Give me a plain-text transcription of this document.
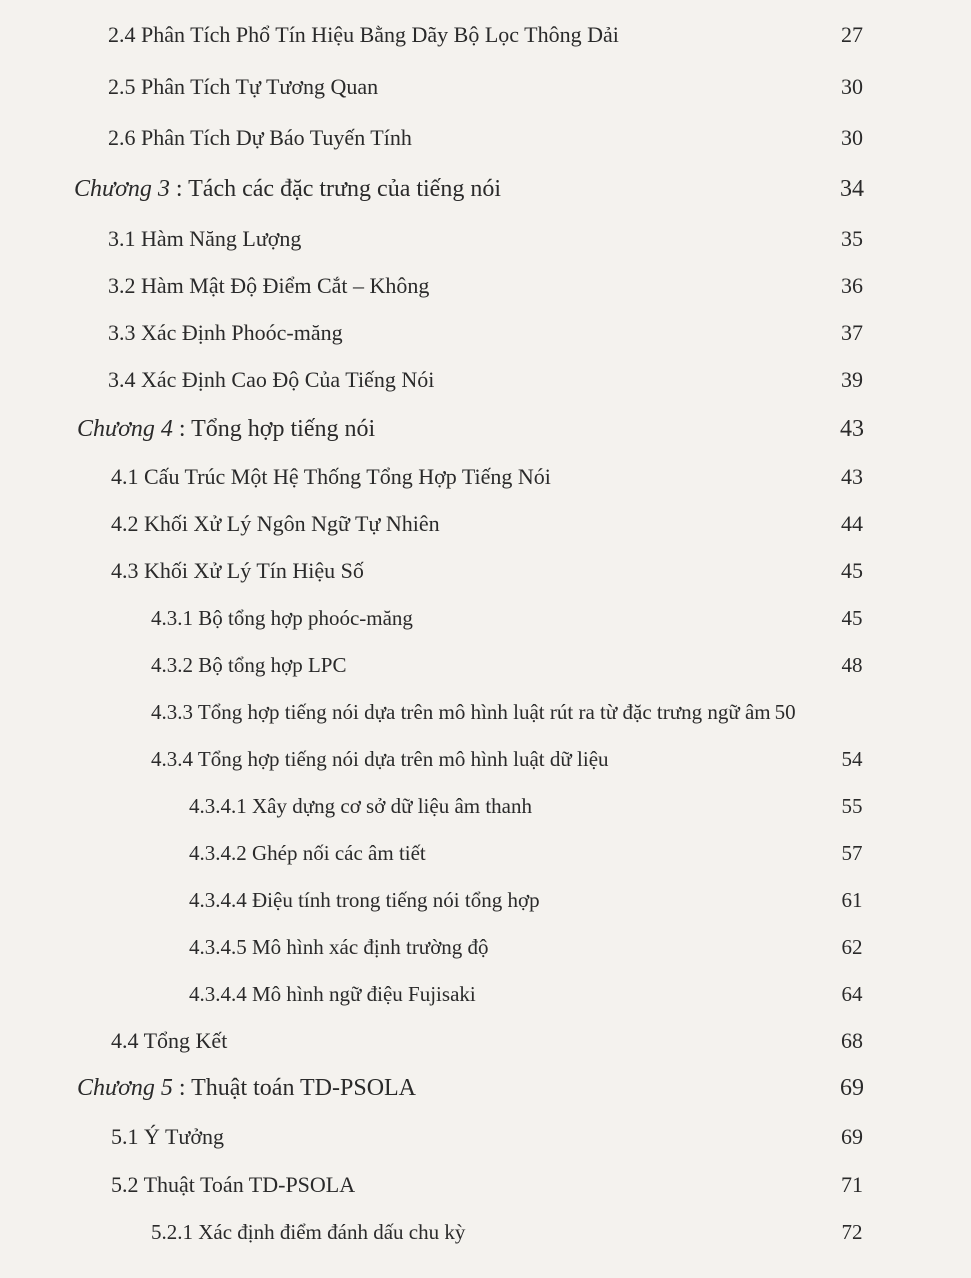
2.4 Phân Tích Phổ Tín Hiệu Bằng Dãy Bộ Lọc Thông Dải	27
2.5 Phân Tích Tự Tương Quan	30
2.6 Phân Tích Dự Báo Tuyến Tính	30
Chương 3 : Tách các đặc trưng của tiếng nói	34
3.1 Hàm Năng Lượng	35
3.2 Hàm Mật Độ Điểm Cắt – Không	36
3.3 Xác Định Phoóc-măng	37
3.4 Xác Định Cao Độ Của Tiếng Nói	39
Chương 4 : Tổng hợp tiếng nói	43
4.1 Cấu Trúc Một Hệ Thống Tổng Hợp Tiếng Nói	43
4.2 Khối Xử Lý Ngôn Ngữ Tự Nhiên	44
4.3 Khối Xử Lý Tín Hiệu Số	45
4.3.1 Bộ tổng hợp phoóc-măng	45
4.3.2 Bộ tổng hợp LPC	48
4.3.3 Tổng hợp tiếng nói dựa trên mô hình luật rút ra từ đặc trưng ngữ âm 50
4.3.4 Tổng hợp tiếng nói dựa trên mô hình luật dữ liệu	54
4.3.4.1 Xây dựng cơ sở dữ liệu âm thanh	55
4.3.4.2 Ghép nối các âm tiết	57
4.3.4.4 Điệu tính trong tiếng nói tổng hợp	61
4.3.4.5 Mô hình xác định trường độ	62
4.3.4.4 Mô hình ngữ điệu Fujisaki	64
4.4 Tổng Kết	68
Chương 5 : Thuật toán TD-PSOLA	69
5.1 Ý Tưởng	69
5.2 Thuật Toán TD-PSOLA	71
5.2.1 Xác định điểm đánh dấu chu kỳ	72
